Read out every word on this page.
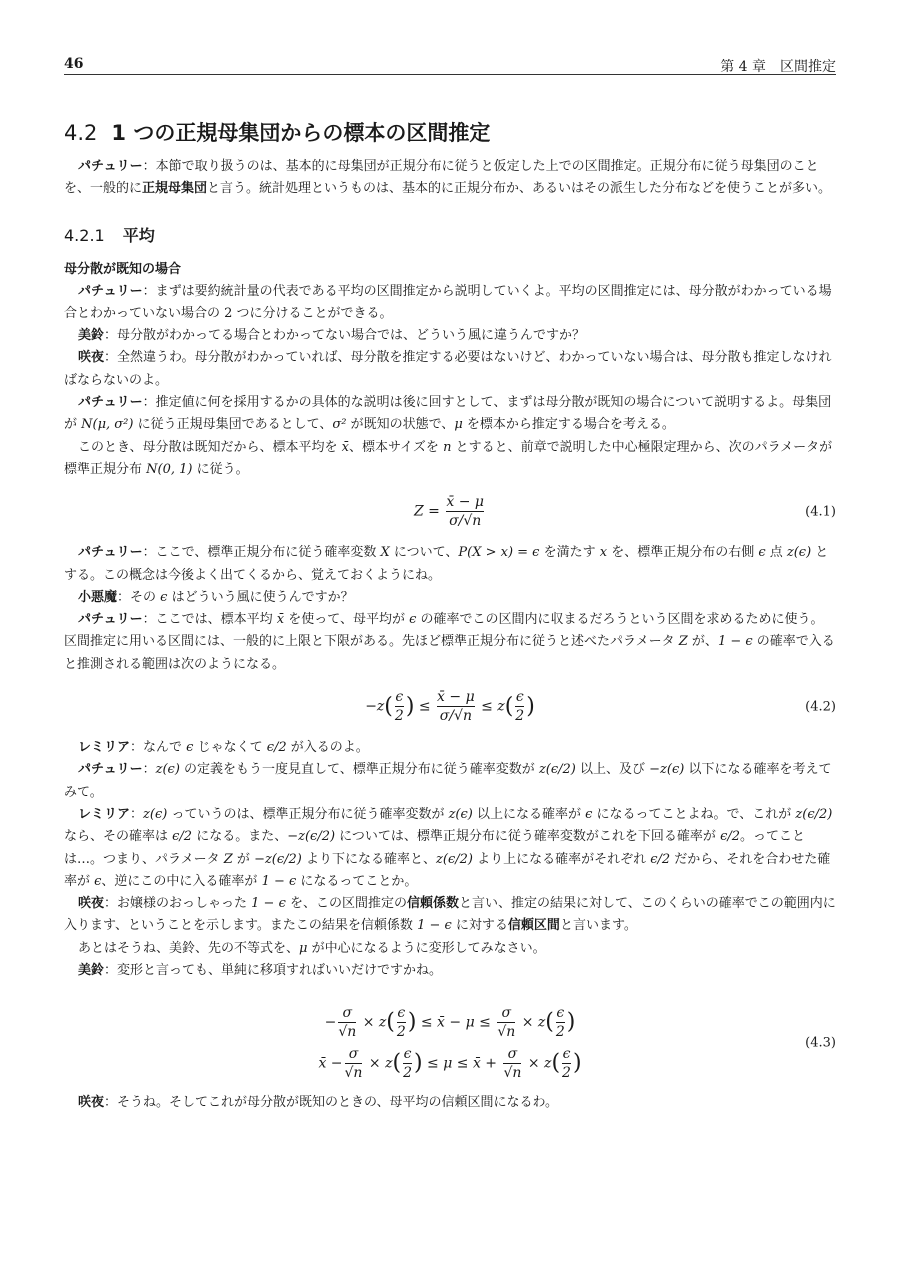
46	第 4 章　区間推定
4.2 1 つの正規母集団からの標本の区間推定

パチュリー：本節で取り扱うのは、基本的に母集団が正規分布に従うと仮定した上での区間推定。正規分布に従う母集団のことを、一般的に正規母集団と言う。統計処理というものは、基本的に正規分布か、あるいはその派生した分布などを使うことが多い。

4.2.1 平均
母分散が既知の場合

パチュリー：まずは要約統計量の代表である平均の区間推定から説明していくよ。平均の区間推定には、母分散がわかっている場合とわかっていない場合の 2 つに分けることができる。

美鈴：母分散がわかってる場合とわかってない場合では、どういう風に違うんですか？

咲夜：全然違うわ。母分散がわかっていれば、母分散を推定する必要はないけど、わかっていない場合は、母分散も推定しなければならないのよ。

パチュリー：推定値に何を採用するかの具体的な説明は後に回すとして、まずは母分散が既知の場合について説明するよ。母集団が N(μ, σ²) に従う正規母集団であるとして、σ² が既知の状態で、μ を標本から推定する場合を考える。

このとき、母分散は既知だから、標本平均を x̄、標本サイズを n とすると、前章で説明した中心極限定理から、次のパラメータが標準正規分布 N(0, 1) に従う。

$Z = \frac{x̄ - \mu}{\sigma/√n}$	(4.1)

パチュリー：ここで、標準正規分布に従う確率変数 X について、P(X > x) = ϵ を満たす x を、標準正規分布の右側 ϵ 点 z(ϵ) とする。この概念は今後よく出てくるから、覚えておくようにね。

小悪魔：その ϵ はどういう風に使うんですか？

パチュリー：ここでは、標本平均 x̄ を使って、母平均が ϵ の確率でこの区間内に収まるだろうという区間を求めるために使う。区間推定に用いる区間には、一般的に上限と下限がある。先ほど標準正規分布に従うと述べたパラメータ Z が、1 − ϵ の確率で入ると推測される範囲は次のようになる。

$-z( \frac{\epsilon}{2}$ ) ≤ $\frac{x̄ - \mu}{\sigma/√n} \le z( \frac{\epsilon}{2}$ )	(4.2)

レミリア：なんで ϵ じゃなくて ϵ/2 が入るのよ。

パチュリー：z(ϵ) の定義をもう一度見直して、標準正規分布に従う確率変数が z(ϵ/2) 以上、及び −z(ϵ) 以下になる確率を考えてみて。

レミリア：z(ϵ) っていうのは、標準正規分布に従う確率変数が z(ϵ) 以上になる確率が ϵ になるってことよね。で、これが z(ϵ/2) なら、その確率は ϵ/2 になる。また、−z(ϵ/2) については、標準正規分布に従う確率変数がこれを下回る確率が ϵ/2。ってことは…。つまり、パラメータ Z が −z(ϵ/2) より下になる確率と、z(ϵ/2) より上になる確率がそれぞれ ϵ/2 だから、それを合わせた確率が ϵ、逆にこの中に入る確率が 1 − ϵ になるってことか。

咲夜：お嬢様のおっしゃった 1 − ϵ を、この区間推定の信頼係数と言い、推定の結果に対して、このくらいの確率でこの範囲内に入ります、ということを示します。またこの結果を信頼係数 1 − ϵ に対する信頼区間と言います。

あとはそうね、美鈴、先の不等式を、μ が中心になるように変形してみなさい。

美鈴：変形と言っても、単純に移項すればいいだけですかね。

− $\frac{\sigma}{√n} \times z( \frac{\epsilon}{2}$ ) ≤ x̄ − $\mu \le \frac{\sigma}{√n} \times z( \frac{\epsilon}{2}$ )
x̄ − $\frac{\sigma}{√n} \times z( \frac{\epsilon}{2}$ ) ≤ μ ≤ x̄ + $\frac{\sigma}{√n} \times z( \frac{\epsilon}{2}$ )
(4.3)

咲夜：そうね。そしてこれが母分散が既知のときの、母平均の信頼区間になるわ。
